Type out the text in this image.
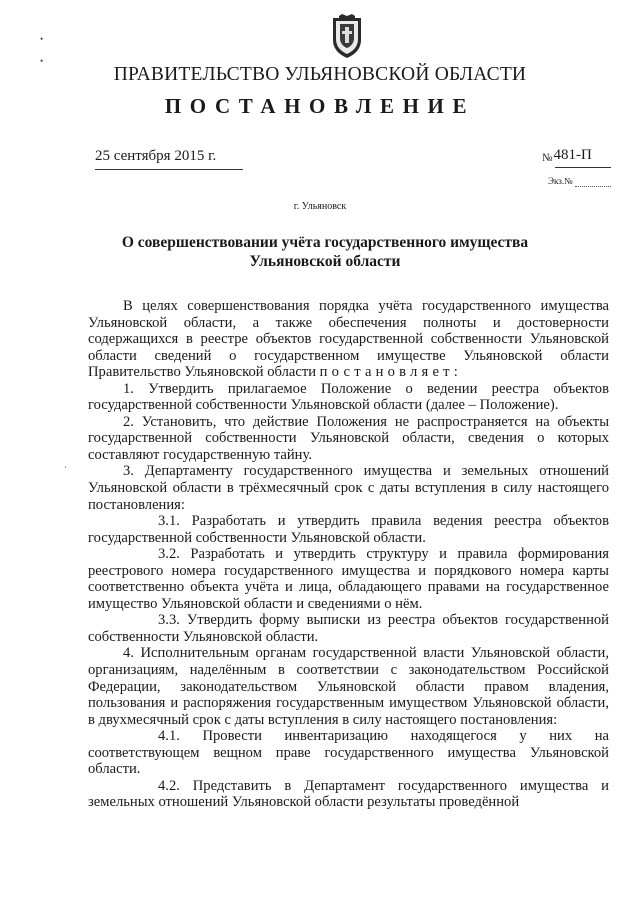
ПРАВИТЕЛЬСТВО УЛЬЯНОВСКОЙ ОБЛАСТИ
ПОСТАНОВЛЕНИЕ
25 сентября 2015 г.	№481-П
Экз.№
г. Ульяновск
О совершенствовании учёта государственного имущества
Ульяновской области

В целях совершенствования порядка учёта государственного имущества Ульяновской области, а также обеспечения полноты и достоверности содержащихся в реестре объектов государственной собственности Ульяновской области сведений о государственном имуществе Ульяновской области Правительство Ульяновской области постановляет:

1. Утвердить прилагаемое Положение о ведении реестра объектов государственной собственности Ульяновской области (далее – Положение).

2. Установить, что действие Положения не распространяется на объекты государственной собственности Ульяновской области, сведения о которых составляют государственную тайну.

3. Департаменту государственного имущества и земельных отношений Ульяновской области в трёхмесячный срок с даты вступления в силу настоящего постановления:

3.1. Разработать и утвердить правила ведения реестра объектов государственной собственности Ульяновской области.

3.2. Разработать и утвердить структуру и правила формирования реестрового номера государственного имущества и порядкового номера карты соответственно объекта учёта и лица, обладающего правами на государственное имущество Ульяновской области и сведениями о нём.

3.3. Утвердить форму выписки из реестра объектов государственной собственности Ульяновской области.

4. Исполнительным органам государственной власти Ульяновской области, организациям, наделённым в соответствии с законодательством Российской Федерации, законодательством Ульяновской области правом владения, пользования и распоряжения государственным имуществом Ульяновской области, в двухмесячный срок с даты вступления в силу настоящего постановления:

4.1. Провести инвентаризацию находящегося у них на соответствующем вещном праве государственного имущества Ульяновской области.

4.2. Представить в Департамент государственного имущества и земельных отношений Ульяновской области результаты проведённой

•
•
·
